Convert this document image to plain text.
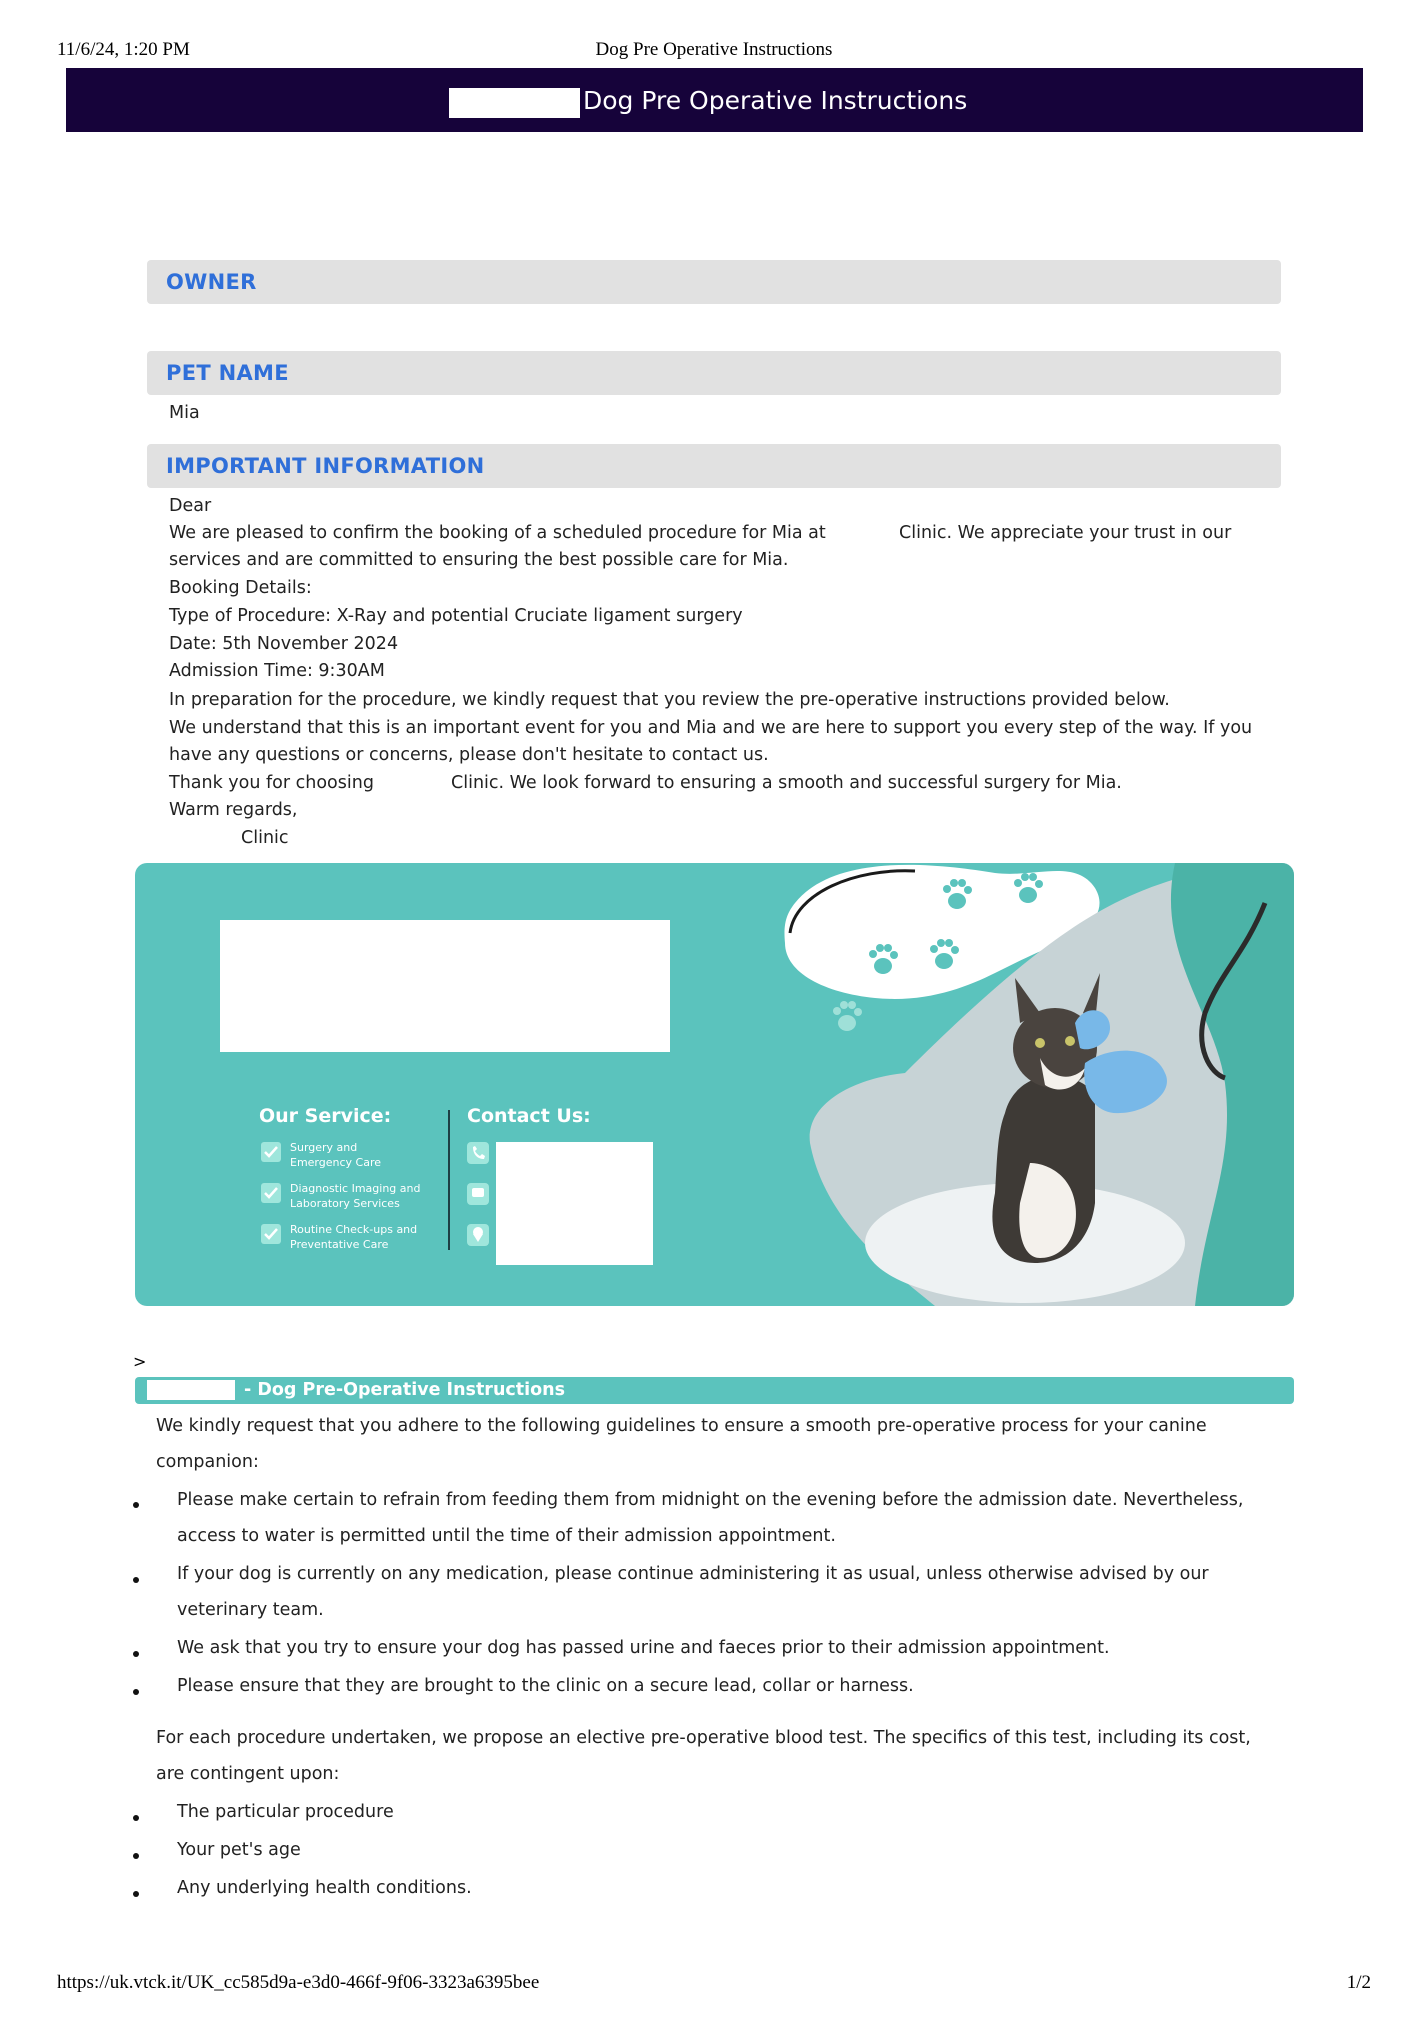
11/6/24, 1:20 PM	Dog Pre Operative Instructions
Dog Pre Operative Instructions
OWNER
PET NAME
Mia
IMPORTANT INFORMATION
Dear
We are pleased to confirm the booking of a scheduled procedure for Mia at	Clinic. We appreciate your trust in our
services and are committed to ensuring the best possible care for Mia.
Booking Details:
Type of Procedure: X-Ray and potential Cruciate ligament surgery
Date: 5th November 2024
Admission Time: 9:30AM
In preparation for the procedure, we kindly request that you review the pre-operative instructions provided below.
We understand that this is an important event for you and Mia and we are here to support you every step of the way. If you
have any questions or concerns, please don't hesitate to contact us.
Thank you for choosing	Clinic. We look forward to ensuring a smooth and successful surgery for Mia.
Warm regards,
Clinic
Our Service:	Contact Us:
Surgery and
Emergency Care
Diagnostic Imaging and
Laboratory Services
Routine Check-ups and
Preventative Care
>
- Dog Pre-Operative Instructions
We kindly request that you adhere to the following guidelines to ensure a smooth pre-operative process for your canine
companion:
Please make certain to refrain from feeding them from midnight on the evening before the admission date. Nevertheless,
access to water is permitted until the time of their admission appointment.
If your dog is currently on any medication, please continue administering it as usual, unless otherwise advised by our
veterinary team.
We ask that you try to ensure your dog has passed urine and faeces prior to their admission appointment.
Please ensure that they are brought to the clinic on a secure lead, collar or harness.
For each procedure undertaken, we propose an elective pre-operative blood test. The specifics of this test, including its cost,
are contingent upon:
The particular procedure
Your pet's age
Any underlying health conditions.
https://uk.vtck.it/UK_cc585d9a-e3d0-466f-9f06-3323a6395bee	1/2
